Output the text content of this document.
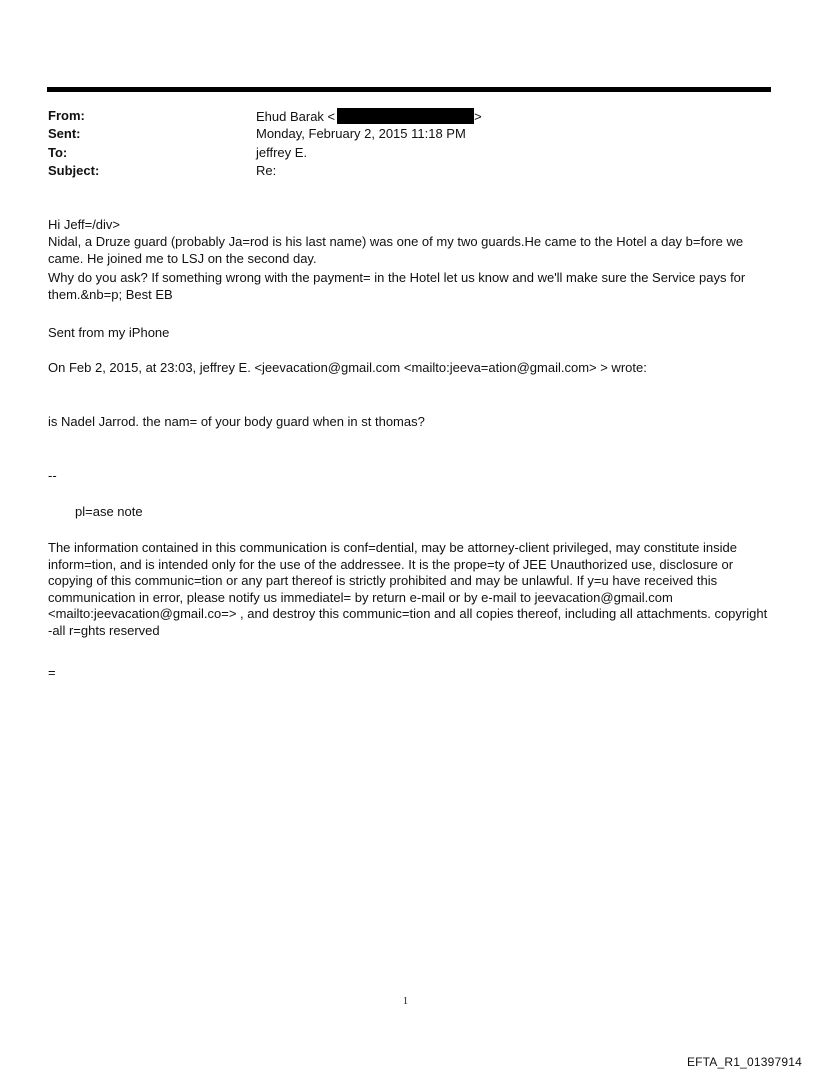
From:	Ehud Barak <	>
Sent:	Monday, February 2, 2015 11:18 PM
To:	jeffrey E.
Subject:	Re:
Hi Jeff=/div>
Nidal, a Druze guard (probably Ja=rod is his last name) was one of my two guards.He came to the Hotel a day b=fore we came. He joined me to LSJ on the second day.
Why do you ask? If something wrong with the payment= in the Hotel let us know and we'll make sure the Service pays for them.&nb=p; Best EB
Sent from my iPhone
On Feb 2, 2015, at 23:03, jeffrey E. <jeevacation@gmail.com <mailto:jeeva=ation@gmail.com> > wrote:
is Nadel Jarrod. the nam= of your body guard when in st thomas?
--
pl=ase note
The information contained in this communication is conf=dential, may be attorney-client privileged, may constitute inside inform=tion, and is intended only for the use of the addressee. It is the prope=ty of JEE Unauthorized use, disclosure or copying of this communic=tion or any part thereof is strictly prohibited and may be unlawful. If y=u have received this communication in error, please notify us immediatel= by return e-mail or by e-mail to jeevacation@gmail.com <mailto:jeevacation@gmail.co=> , and destroy this communic=tion and all copies thereof, including all attachments. copyright -all r=ghts reserved
=
1
EFTA_R1_01397914
